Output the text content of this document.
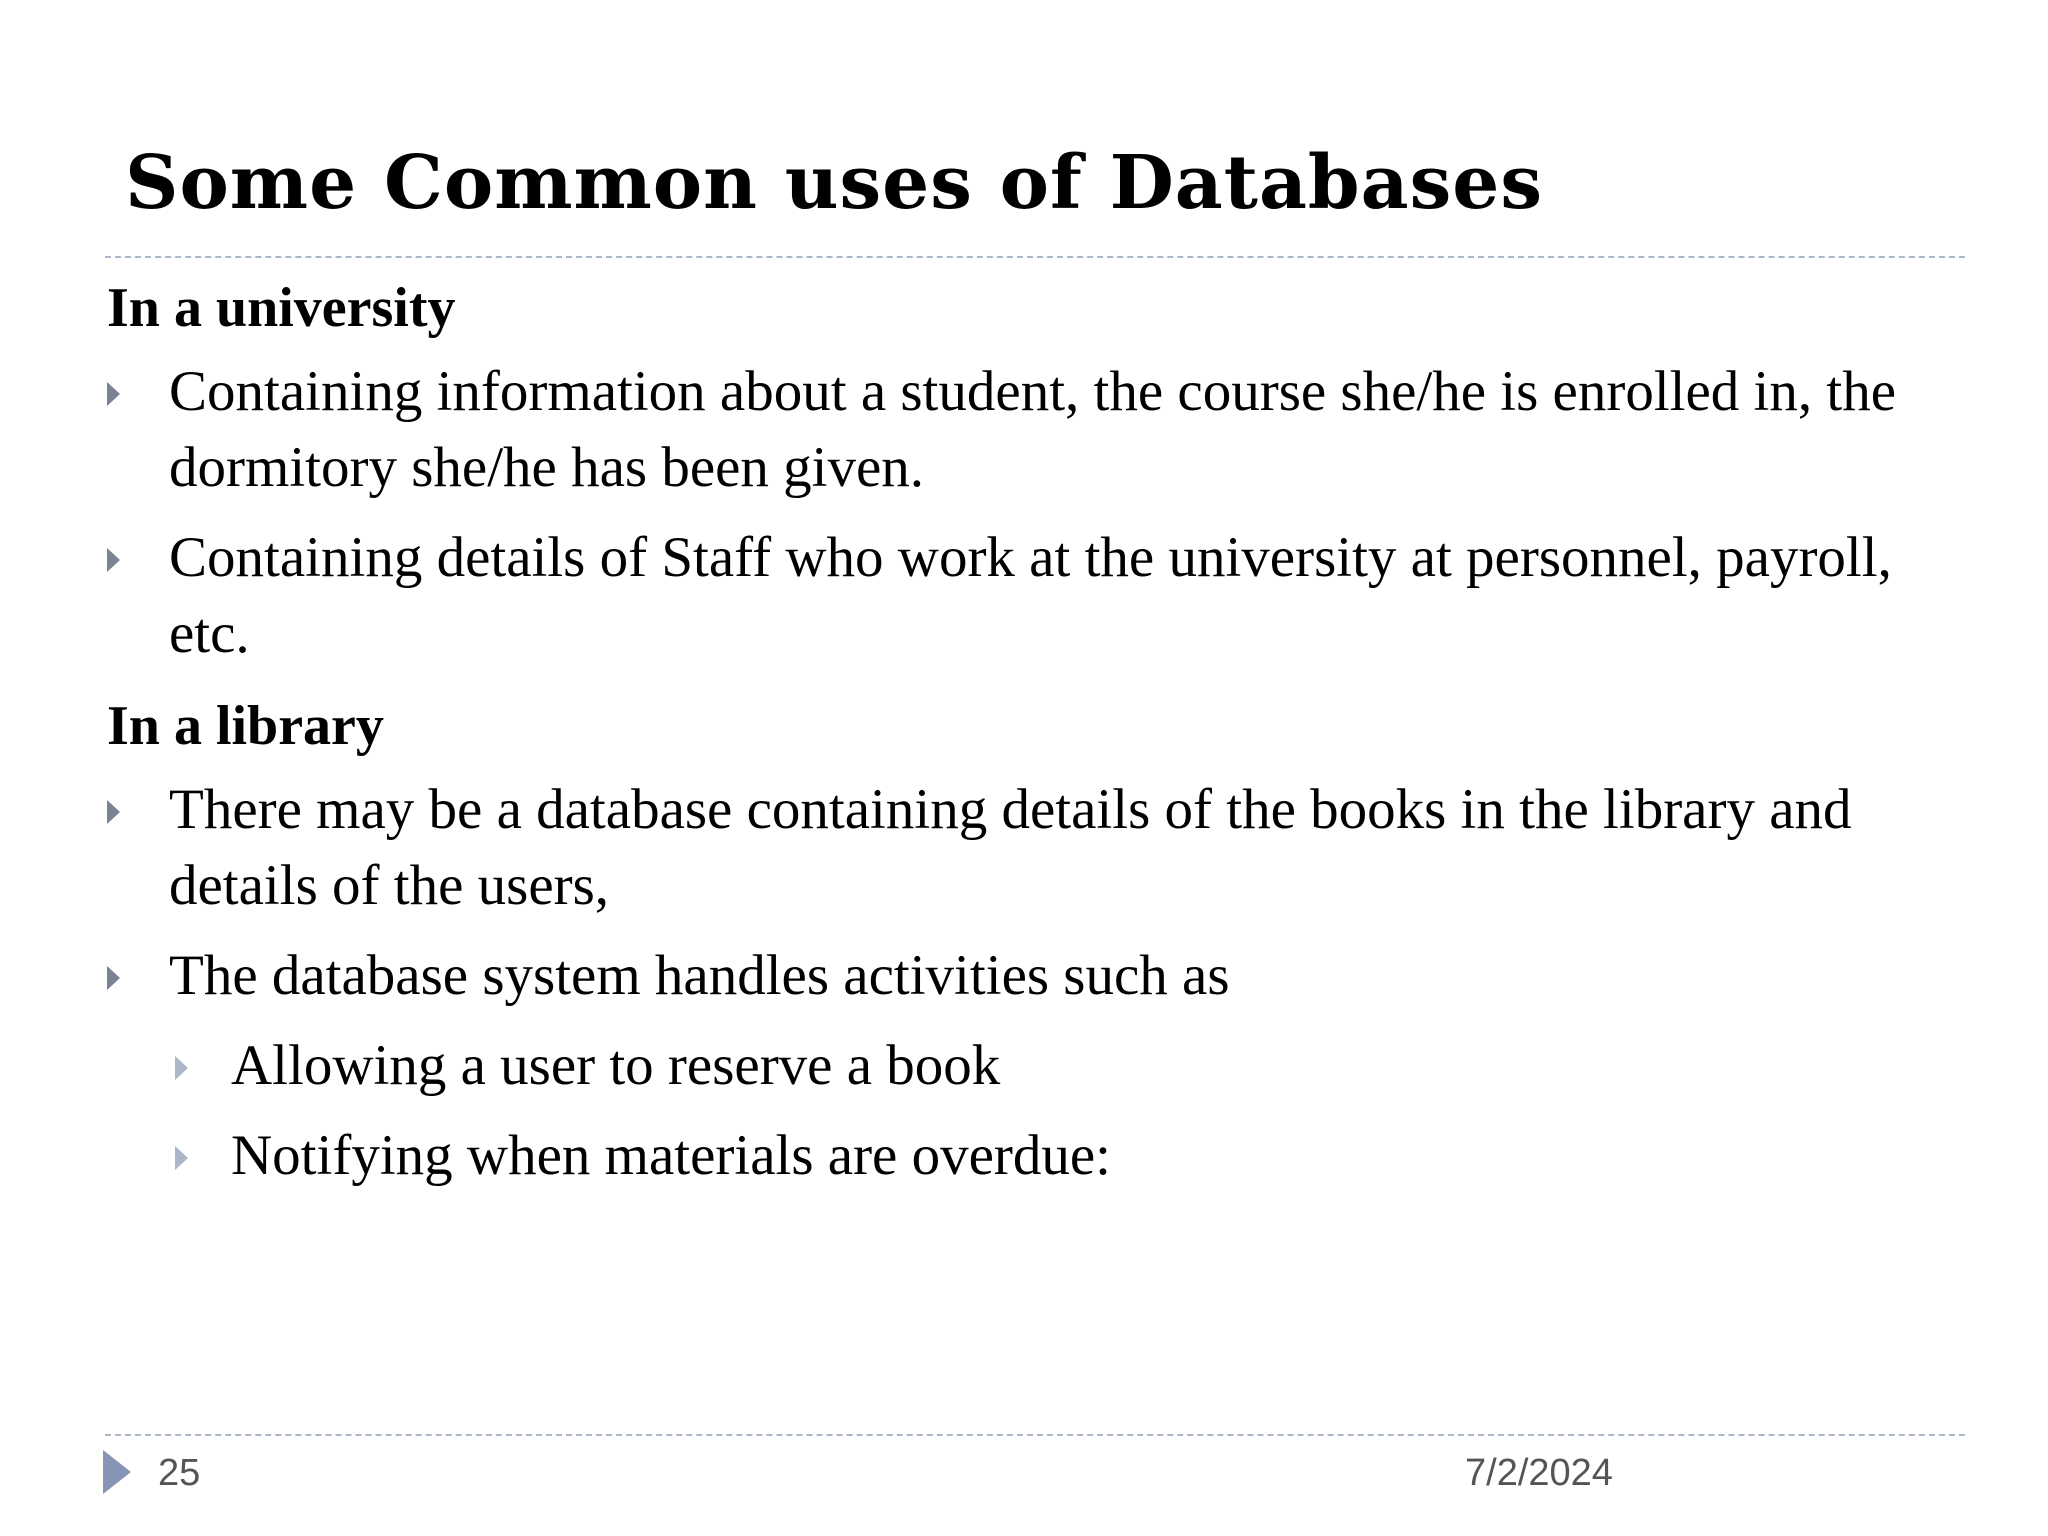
Some Common uses of Databases

In a university

Containing information about a student, the course she/he is enrolled in, the dormitory she/he has been given.
Containing details of Staff who work at the university at personnel, payroll, etc.

In a library

There may be a database containing details of the books in the library and details of the users,
The database system handles activities such as
Allowing a user to reserve a book
Notifying when materials are overdue:
25	7/2/2024
